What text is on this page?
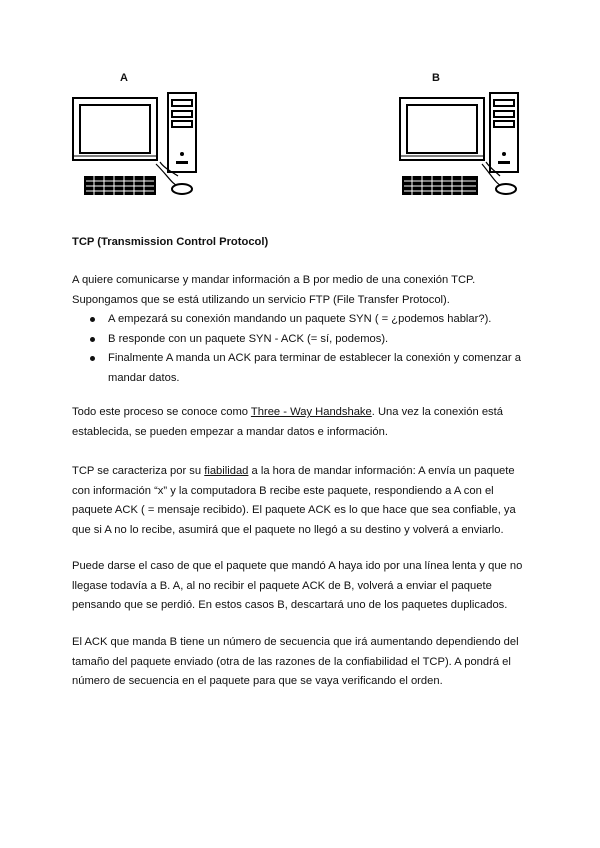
A	B
TCP (Transmission Control Protocol)

A quiere comunicarse y mandar información a B por medio de una conexión TCP.

Supongamos que se está utilizando un servicio FTP (File Transfer Protocol).

A empezará su conexión mandando un paquete SYN ( = ¿podemos hablar?).
B responde con un paquete SYN - ACK (= sí, podemos).
Finalmente A manda un ACK para terminar de establecer la conexión y comenzar a mandar datos.

Todo este proceso se conoce como Three - Way Handshake. Una vez la conexión está establecida, se pueden empezar a mandar datos e información.

TCP se caracteriza por su fiabilidad a la hora de mandar información: A envía un paquete con información “x” y la computadora B recibe este paquete, respondiendo a A con el paquete ACK ( = mensaje recibido). El paquete ACK es lo que hace que sea confiable, ya que si A no lo recibe, asumirá que el paquete no llegó a su destino y volverá a enviarlo.

Puede darse el caso de que el paquete que mandó A haya ido por una línea lenta y que no llegase todavía a B. A, al no recibir el paquete ACK de B, volverá a enviar el paquete pensando que se perdió. En estos casos B, descartará uno de los paquetes duplicados.

El ACK que manda B tiene un número de secuencia que irá aumentando dependiendo del tamaño del paquete enviado (otra de las razones de la confiabilidad el TCP). A pondrá el número de secuencia en el paquete para que se vaya verificando el orden.
